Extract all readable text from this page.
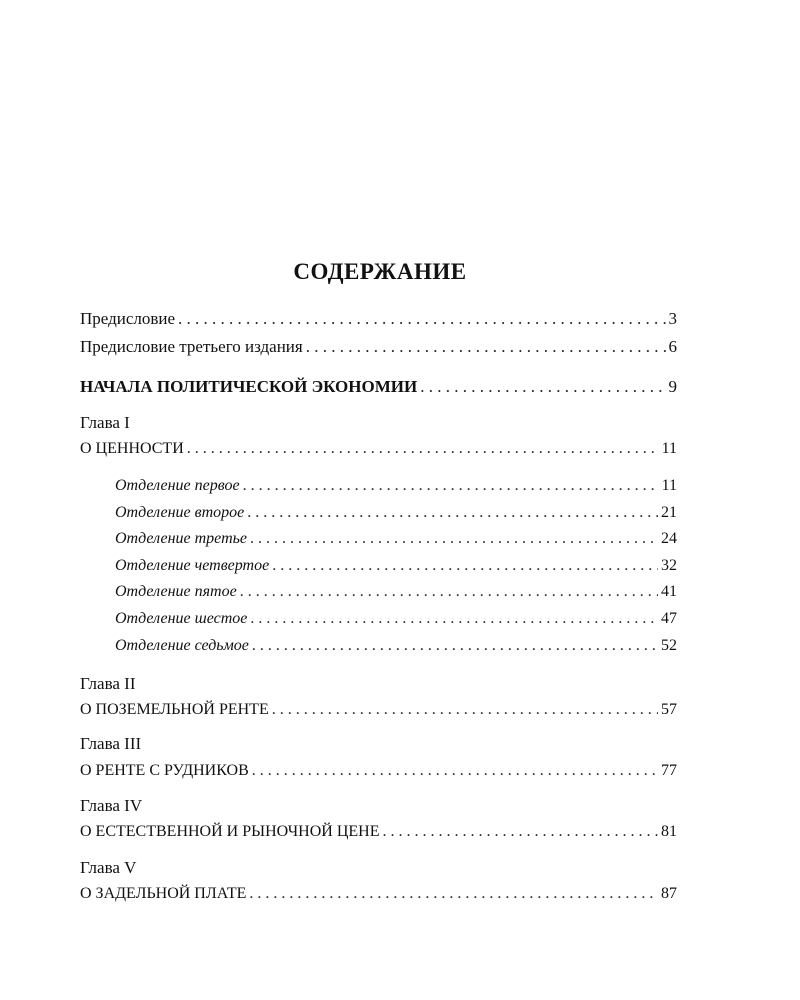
СОДЕРЖАНИЕ
Предисловие . . .	3
Предисловие третьего издания . . .	6
НАЧАЛА ПОЛИТИЧЕСКОЙ ЭКОНОМИИ . . .	9
Глава I
О ЦЕННОСТИ . . .	11
Отделение первое . . .	11
Отделение второе . . .	21
Отделение третье . . .	24
Отделение четвертое . . .	32
Отделение пятое . . .	41
Отделение шестое . . .	47
Отделение седьмое . . .	52
Глава II
О ПОЗЕМЕЛЬНОЙ РЕНТЕ . . .	57
Глава III
О РЕНТЕ С РУДНИКОВ . . .	77
Глава IV
О ЕСТЕСТВЕННОЙ И РЫНОЧНОЙ ЦЕНЕ . . .	81
Глава V
О ЗАДЕЛЬНОЙ ПЛАТЕ . . .	87
